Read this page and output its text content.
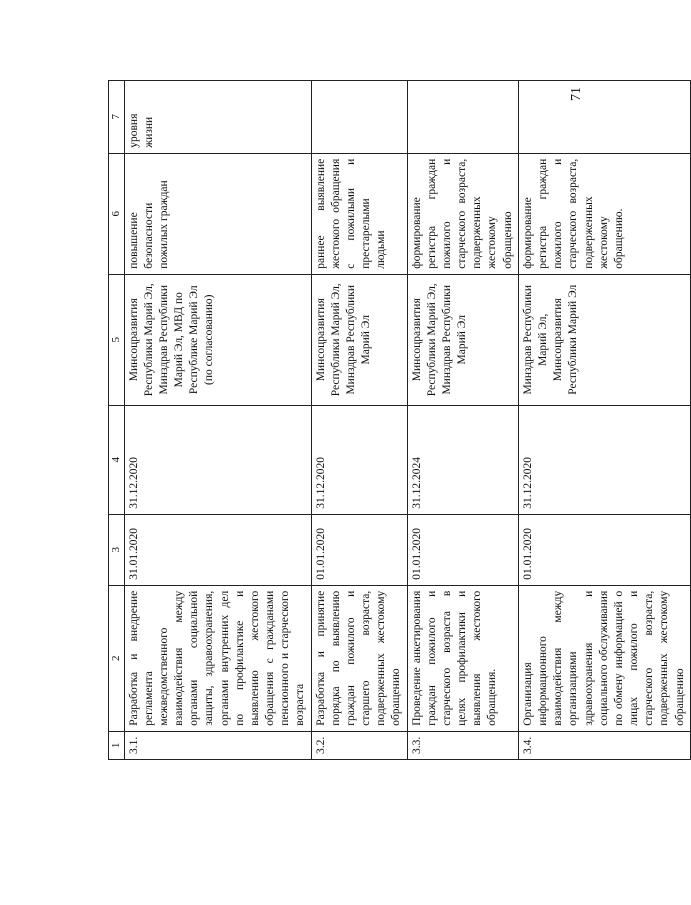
71
1	2	3	4	5	6	7
3.1.	Разработка и внедрение регламента межведомственного взаимодействия между органами социальной защиты, здравоохранения, органами внутренних дел по профилактике и выявлению жестокого обращения с гражданами пенсионного и старческого возраста	31.01.2020	31.12.2020	Минсоцразвития Республики Марий Эл, Минздрав Республики Марий Эл, МВД по Республике Марий Эл (по согласованию)	повышение безопасности пожилых граждан	уровня жизни
3.2.	Разработка и принятие порядка по выявлению граждан пожилого и старшего возраста, подверженных жестокому обращению	01.01.2020	31.12.2020	Минсоцразвития Республики Марий Эл, Минздрав Республики Марий Эл	раннее выявление жестокого обращения с пожилыми и престарелыми людьми	
3.3.	Проведение анкетирования граждан пожилого и старческого возраста в целях профилактики и выявления жестокого обращения.	01.01.2020	31.12.2024	Минсоцразвития Республики Марий Эл, Минздрав Республики Марий Эл	формирование регистра граждан пожилого и старческого возраста, подверженных жестокому обращению	
3.4.	Организация информационного взаимодействия между организациями здравоохранения и социального обслуживания по обмену информацией о лицах пожилого и старческого возраста, подверженных жестокому обращению	01.01.2020	31.12.2020	Минздрав Республики Марий Эл, Минсоцразвития Республики Марий Эл	формирование регистра граждан пожилого и старческого возраста, подверженных жестокому обращению.	
